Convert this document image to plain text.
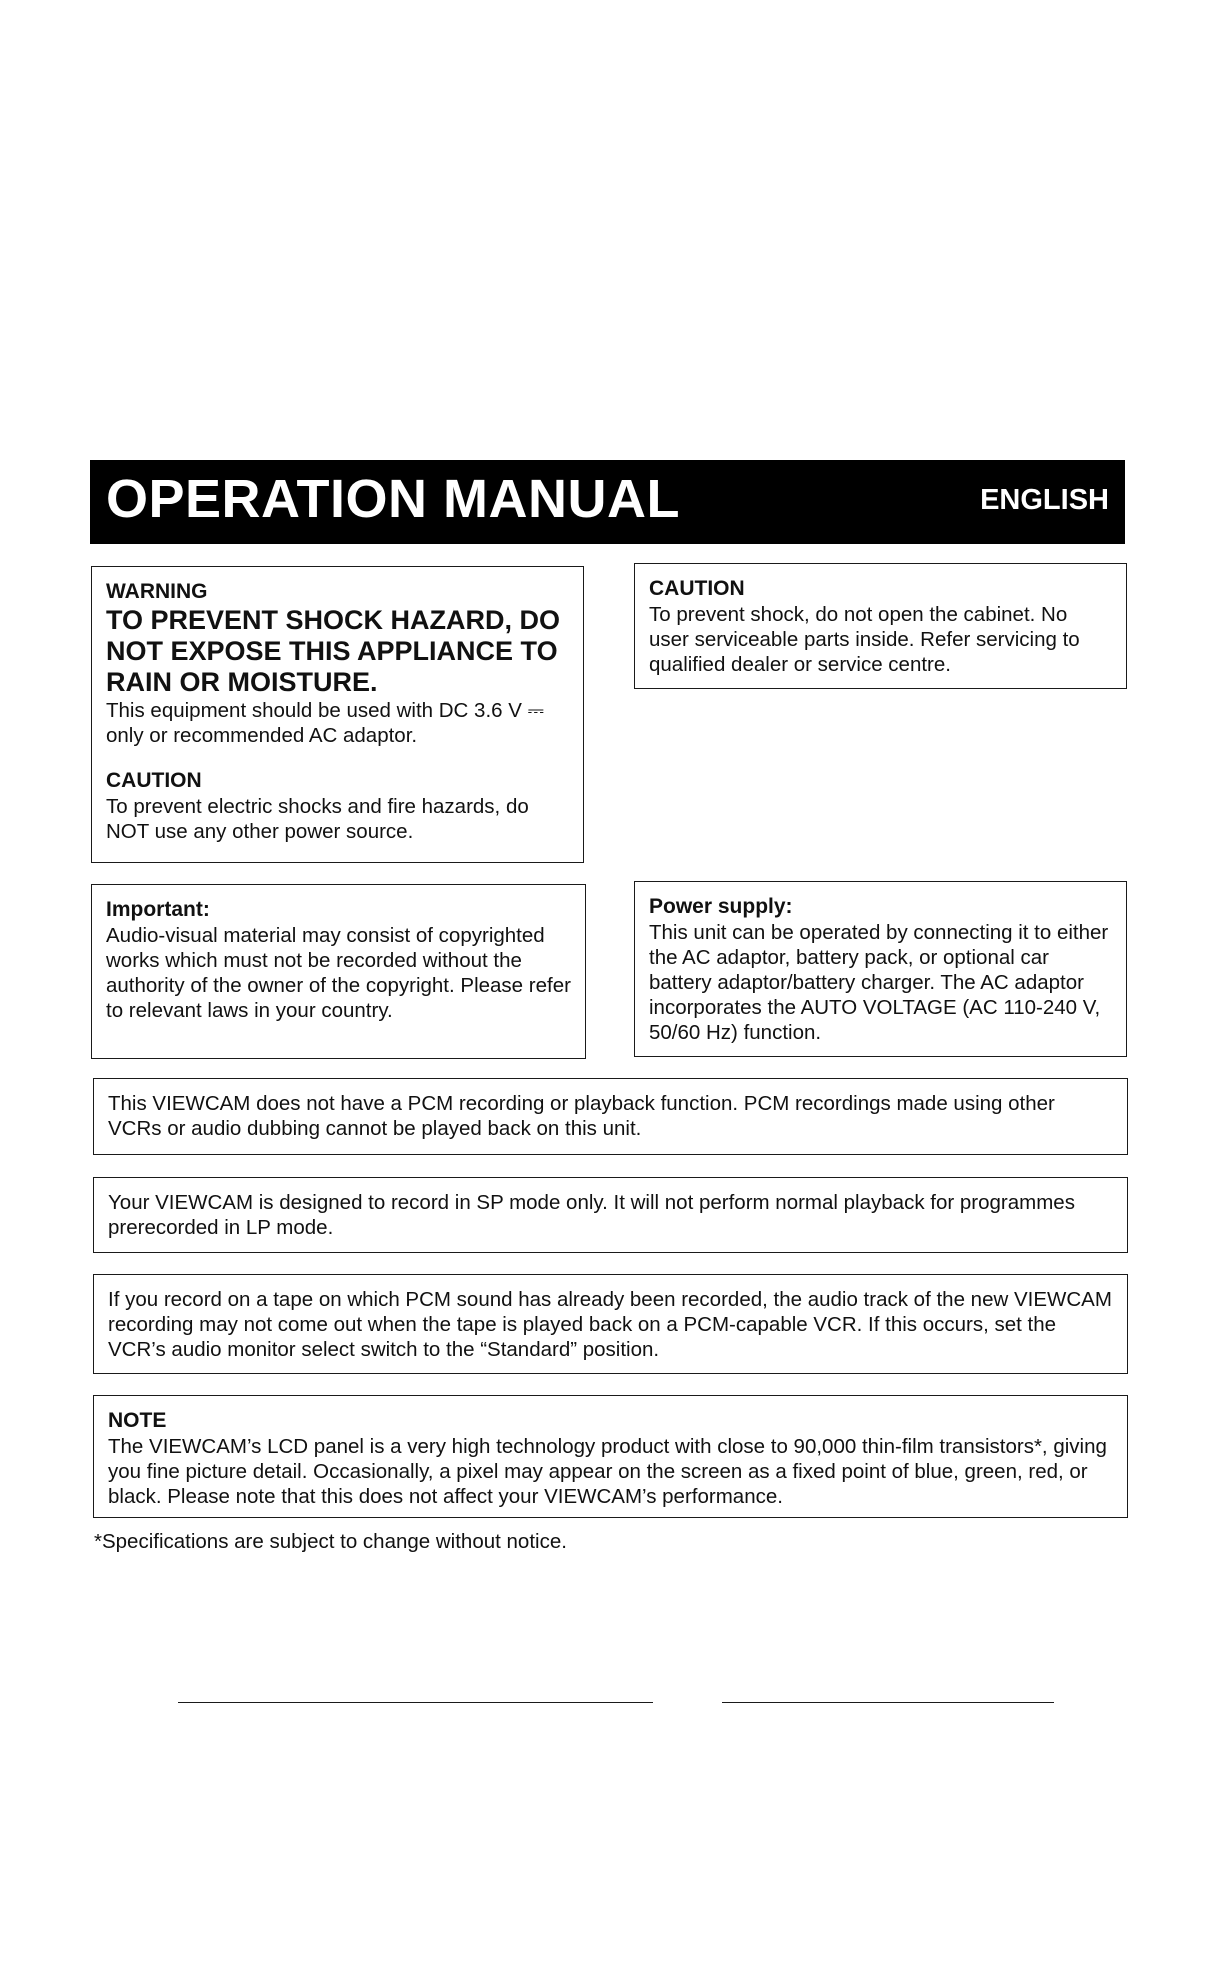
OPERATION MANUAL	ENGLISH

WARNING

TO PREVENT SHOCK HAZARD, DO NOT EXPOSE THIS APPLIANCE TO RAIN OR MOISTURE.

This equipment should be used with DC 3.6 V ⎓ only or recommended AC adaptor.

CAUTION

To prevent electric shocks and fire hazards, do NOT use any other power source.

CAUTION

To prevent shock, do not open the cabinet. No user serviceable parts inside. Refer servicing to qualified dealer or service centre.

Important:

Audio-visual material may consist of copyrighted works which must not be recorded without the authority of the owner of the copyright. Please refer to relevant laws in your country.

Power supply:

This unit can be operated by connecting it to either the AC adaptor, battery pack, or optional car battery adaptor/battery charger. The AC adaptor incorporates the AUTO VOLTAGE (AC 110-240 V, 50/60 Hz) function.

This VIEWCAM does not have a PCM recording or playback function. PCM recordings made using other VCRs or audio dubbing cannot be played back on this unit.

Your VIEWCAM is designed to record in SP mode only. It will not perform normal playback for programmes prerecorded in LP mode.

If you record on a tape on which PCM sound has already been recorded, the audio track of the new VIEWCAM recording may not come out when the tape is played back on a PCM-capable VCR. If this occurs, set the VCR’s audio monitor select switch to the “Standard” position.

NOTE

The VIEWCAM’s LCD panel is a very high technology product with close to 90,000 thin-film transistors*, giving you fine picture detail. Occasionally, a pixel may appear on the screen as a fixed point of blue, green, red, or black. Please note that this does not affect your VIEWCAM’s performance.

*Specifications are subject to change without notice.
